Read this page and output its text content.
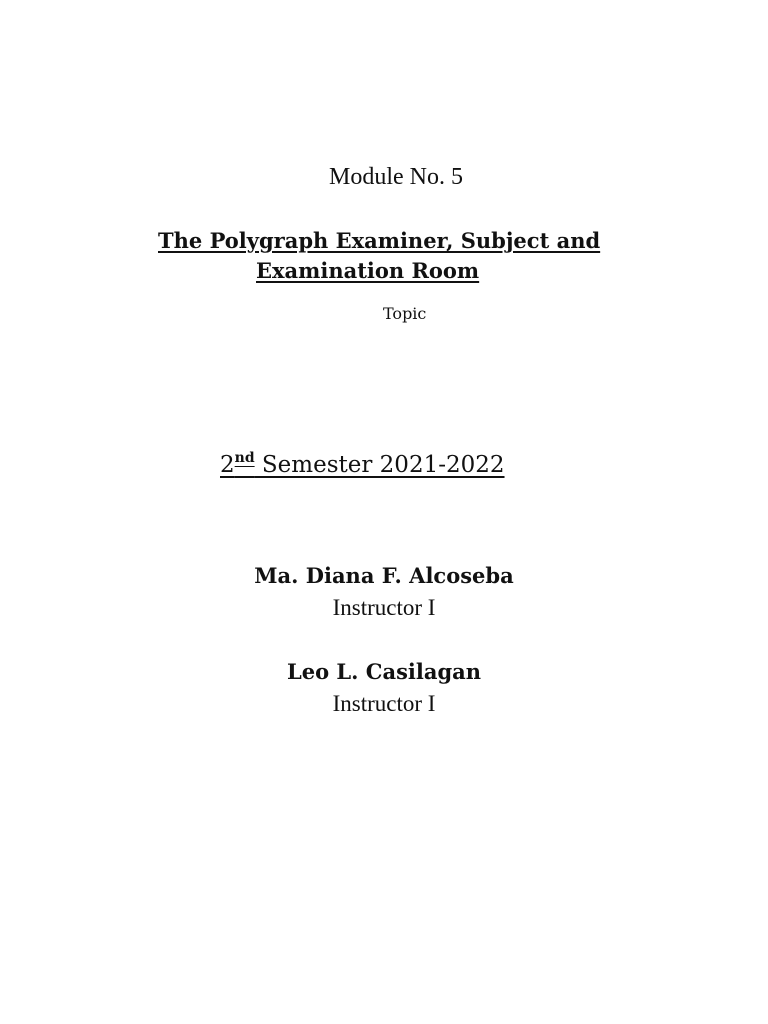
Module No. 5
The Polygraph Examiner, Subject and
Examination Room
Topic
2nd Semester 2021-2022
Ma. Diana F. Alcoseba
Instructor I
Leo L. Casilagan
Instructor I
